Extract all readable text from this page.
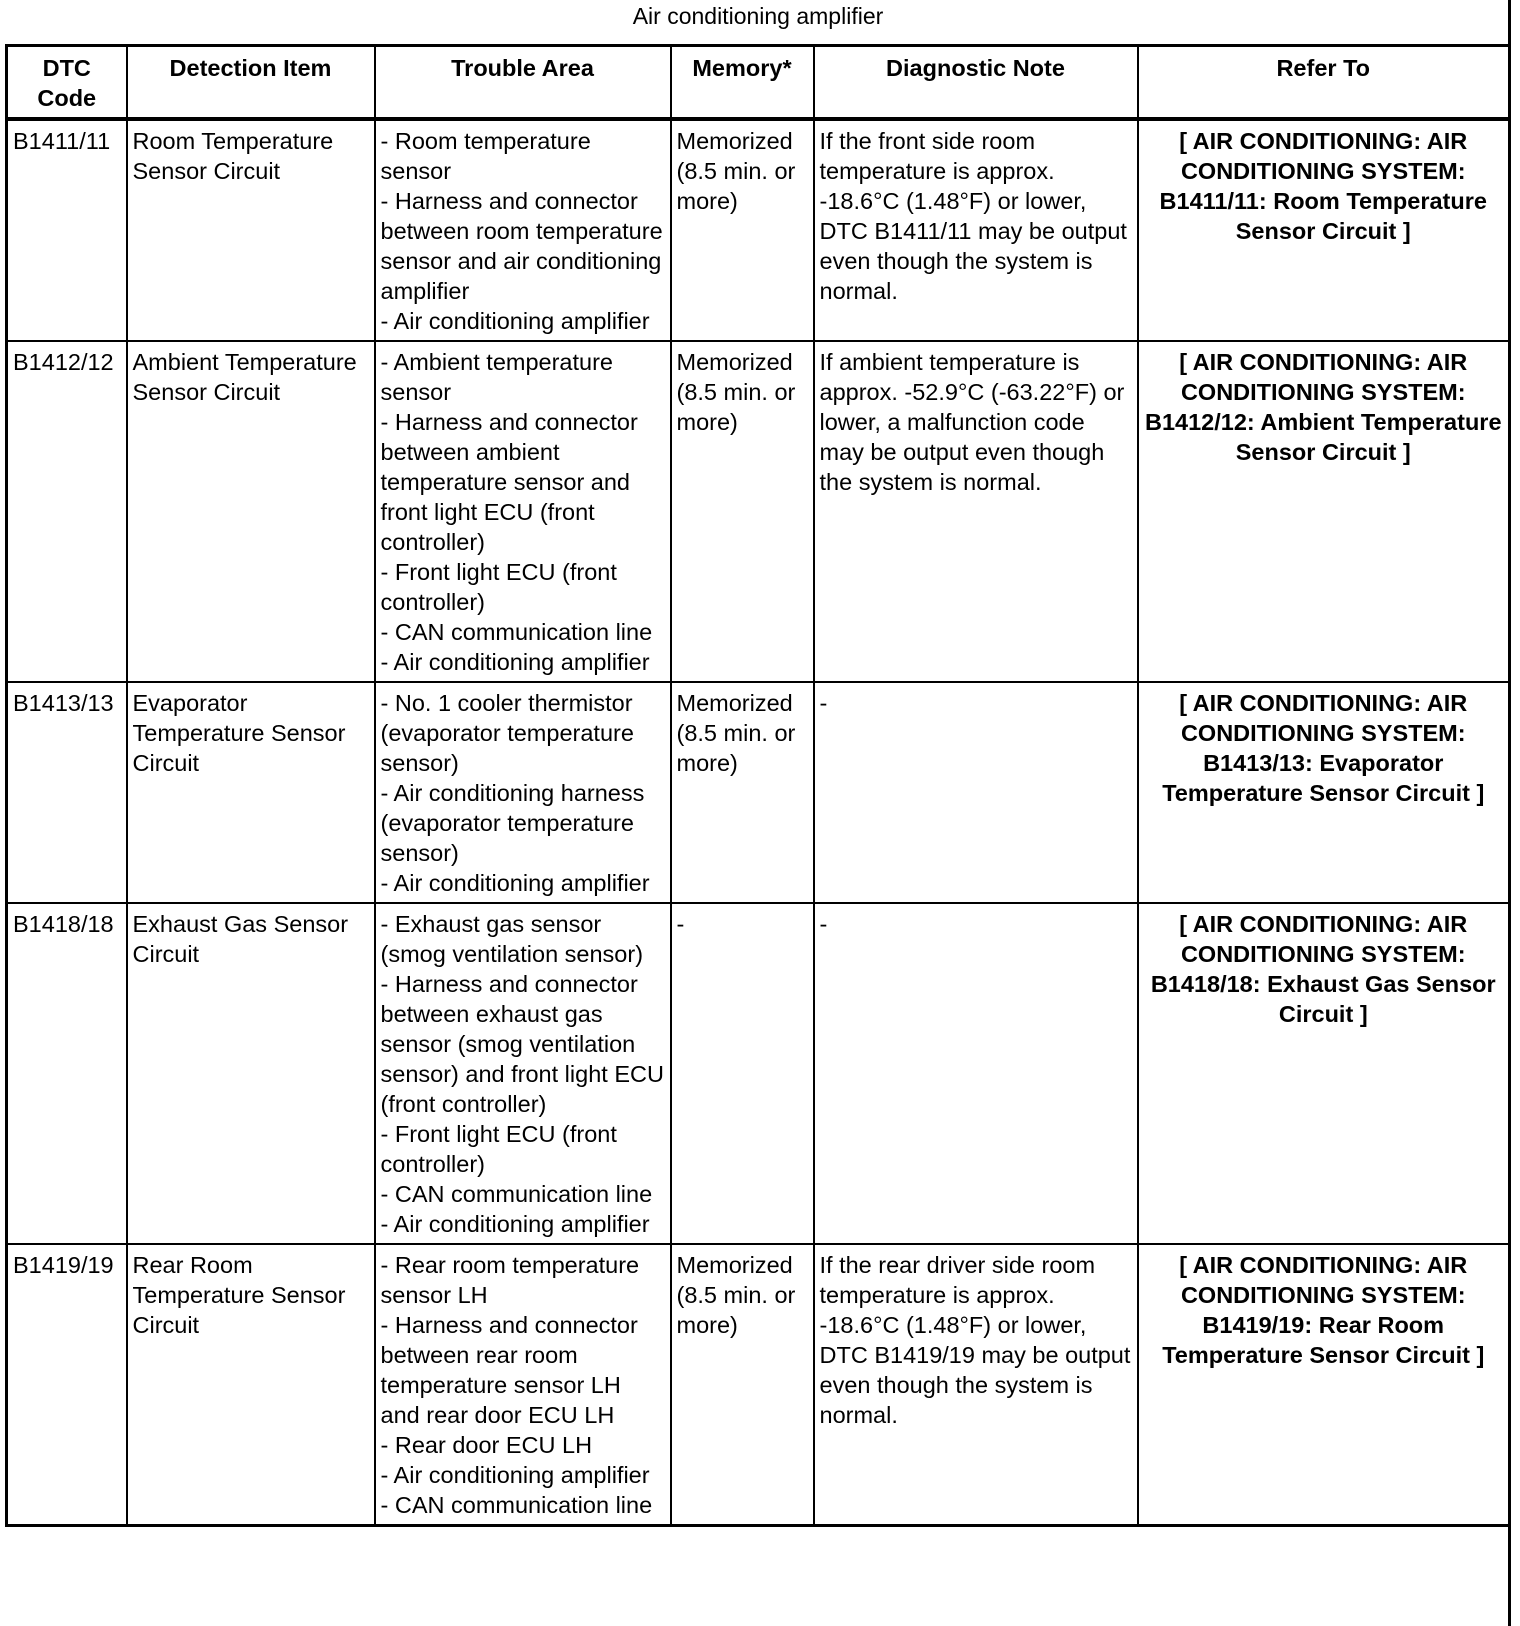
Air conditioning amplifier
DTC Code	Detection Item	Trouble Area	Memory*	Diagnostic Note	Refer To
B1411/11	Room Temperature Sensor Circuit	- Room temperature sensor
- Harness and connector between room temperature sensor and air conditioning amplifier
- Air conditioning amplifier	Memorized (8.5 min. or more)	If the front side room temperature is approx. -18.6°C (1.48°F) or lower, DTC B1411/11 may be output even though the system is normal.	[ AIR CONDITIONING: AIR CONDITIONING SYSTEM: B1411/11: Room Temperature Sensor Circuit ]
B1412/12	Ambient Temperature Sensor Circuit	- Ambient temperature sensor
- Harness and connector between ambient temperature sensor and front light ECU (front controller)
- Front light ECU (front controller)
- CAN communication line
- Air conditioning amplifier	Memorized (8.5 min. or more)	If ambient temperature is approx. -52.9°C (-63.22°F) or lower, a malfunction code may be output even though the system is normal.	[ AIR CONDITIONING: AIR CONDITIONING SYSTEM: B1412/12: Ambient Temperature Sensor Circuit ]
B1413/13	Evaporator Temperature Sensor Circuit	- No. 1 cooler thermistor (evaporator temperature sensor)
- Air conditioning harness (evaporator temperature sensor)
- Air conditioning amplifier	Memorized (8.5 min. or more)	-	[ AIR CONDITIONING: AIR CONDITIONING SYSTEM: B1413/13: Evaporator Temperature Sensor Circuit ]
B1418/18	Exhaust Gas Sensor Circuit	- Exhaust gas sensor (smog ventilation sensor)
- Harness and connector between exhaust gas sensor (smog ventilation sensor) and front light ECU (front controller)
- Front light ECU (front controller)
- CAN communication line
- Air conditioning amplifier	-	-	[ AIR CONDITIONING: AIR CONDITIONING SYSTEM: B1418/18: Exhaust Gas Sensor Circuit ]
B1419/19	Rear Room Temperature Sensor Circuit	- Rear room temperature sensor LH
- Harness and connector between rear room temperature sensor LH and rear door ECU LH
- Rear door ECU LH
- Air conditioning amplifier
- CAN communication line	Memorized (8.5 min. or more)	If the rear driver side room temperature is approx. -18.6°C (1.48°F) or lower, DTC B1419/19 may be output even though the system is normal.	[ AIR CONDITIONING: AIR CONDITIONING SYSTEM: B1419/19: Rear Room Temperature Sensor Circuit ]
